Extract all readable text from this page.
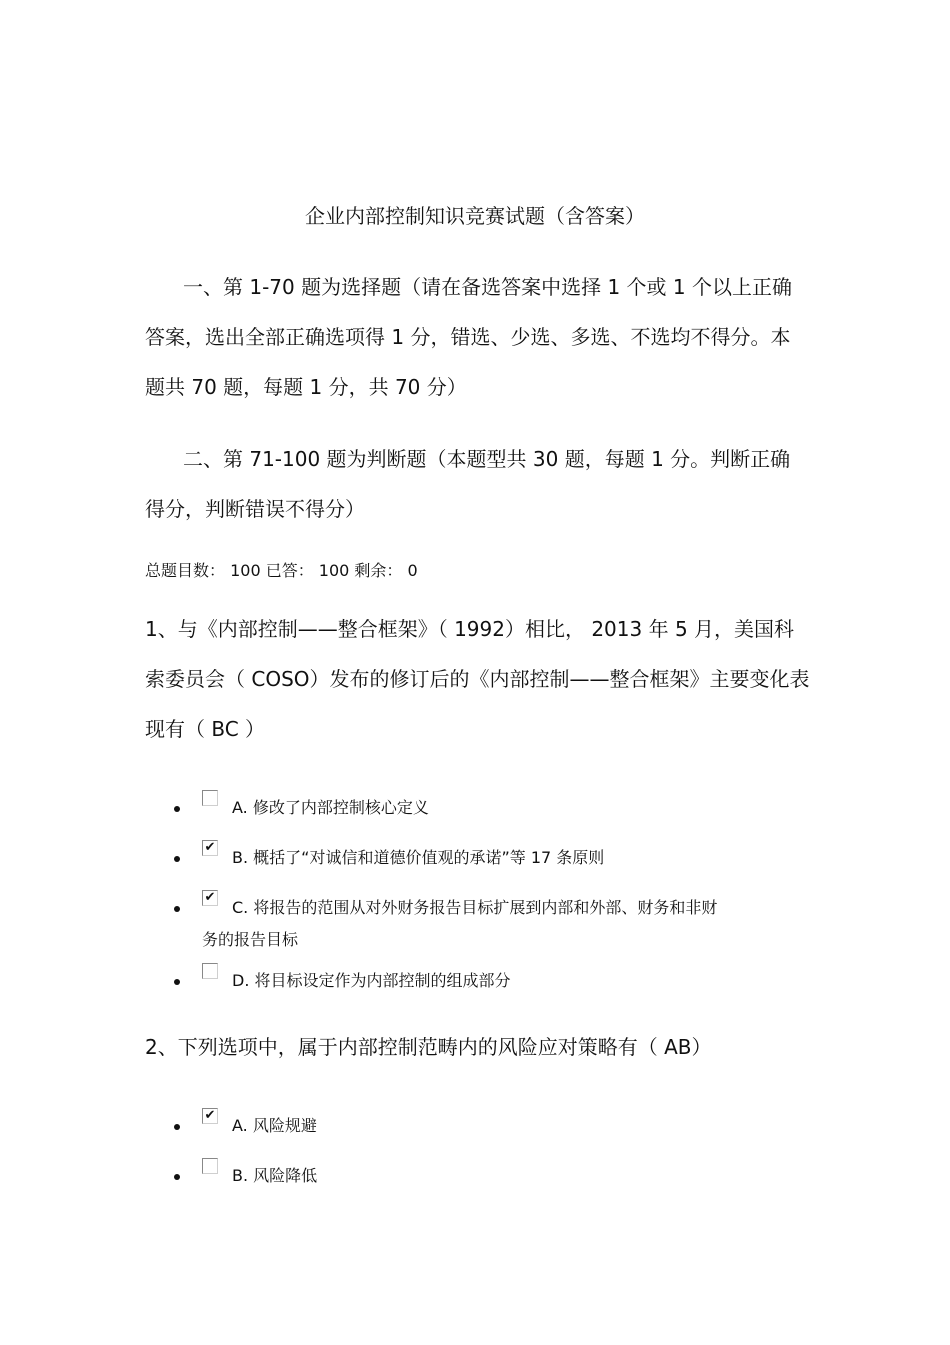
企业内部控制知识竞赛试题（含答案）
一、第 1-70 题为选择题（请在备选答案中选择 1 个或 1 个以上正确答案，选出全部正确选项得 1 分，错选、少选、多选、不选均不得分。本题共 70 题，每题 1 分，共 70 分）
二、第 71-100 题为判断题（本题型共 30 题，每题 1 分。判断正确得分，判断错误不得分）
总题目数： 100 已答： 100 剩余： 0
1、与《内部控制——整合框架》（ 1992）相比， 2013 年 5 月，美国科索委员会（ COSO）发布的修订后的《内部控制——整合框架》主要变化表现有（ BC ）
A. 修改了内部控制核心定义
✔
B. 概括了“对诚信和道德价值观的承诺”等 17 条原则
✔
C. 将报告的范围从对外财务报告目标扩展到内部和外部、财务和非财
务的报告目标
D. 将目标设定作为内部控制的组成部分
2、下列选项中，属于内部控制范畴内的风险应对策略有（ AB）
✔
A. 风险规避
B. 风险降低
